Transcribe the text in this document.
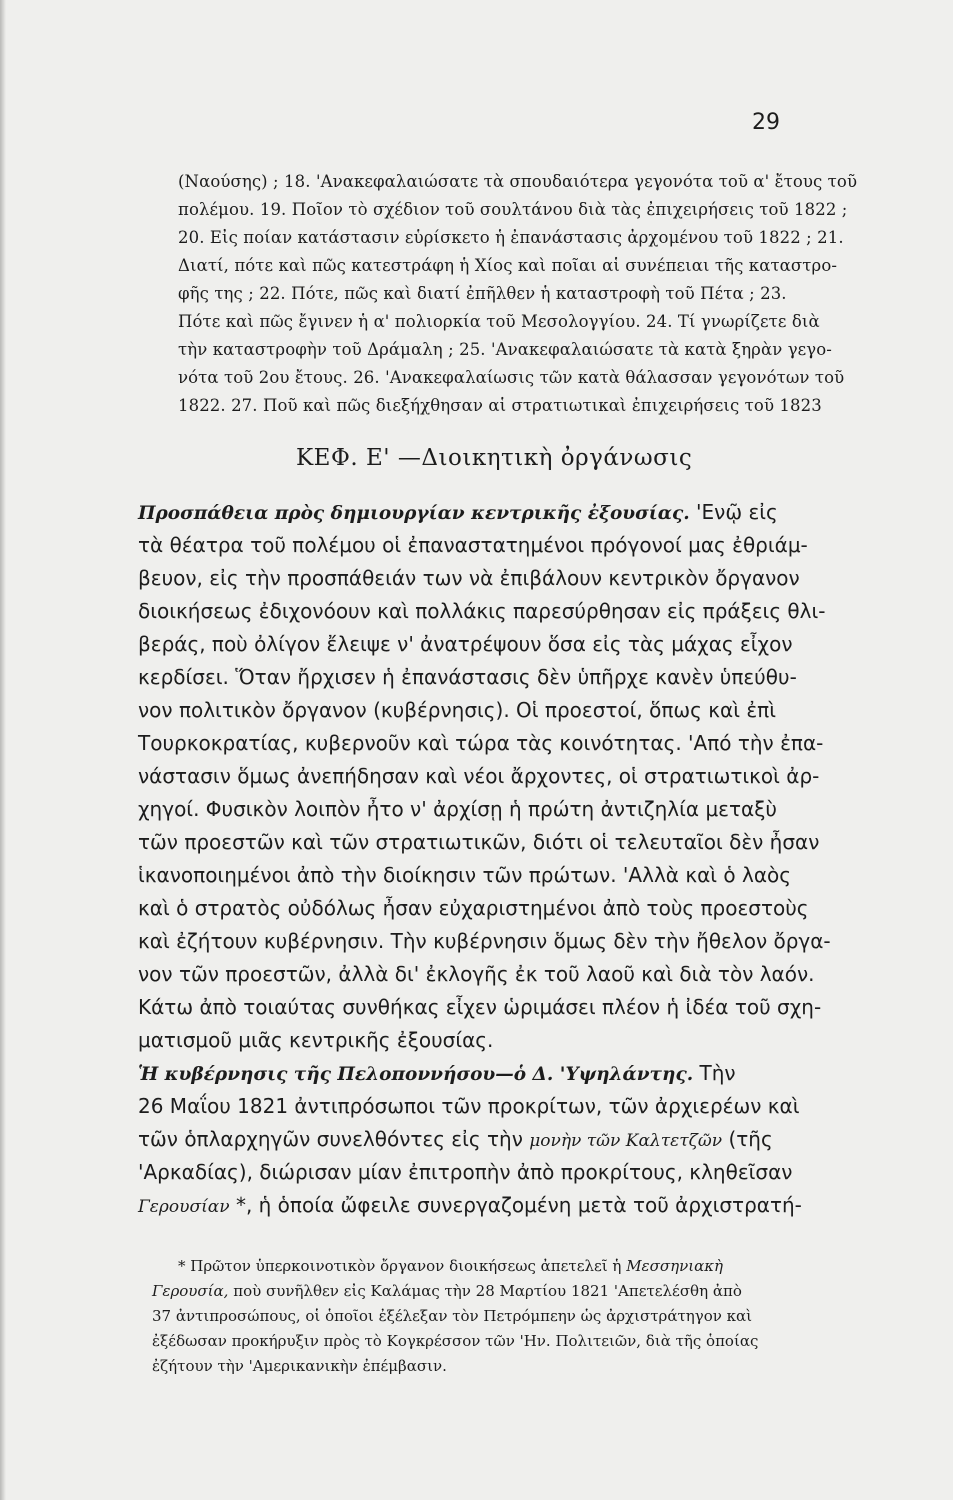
29
(Ναούσης) ; 18. 'Ανακεφαλαιώσατε τὰ σπουδαιότερα γεγονότα τοῦ α' ἔτους τοῦ
πολέμου. 19. Ποῖον τὸ σχέδιον τοῦ σουλτάνου διὰ τὰς ἐπιχειρήσεις τοῦ 1822 ;
20. Εἰς ποίαν κατάστασιν εὑρίσκετο ἡ ἐπανάστασις ἀρχομένου τοῦ 1822 ; 21.
Διατί, πότε καὶ πῶς κατεστράφη ἡ Χίος καὶ ποῖαι αἱ συνέπειαι τῆς καταστρο-
φῆς της ; 22. Πότε, πῶς καὶ διατί ἐπῆλθεν ἡ καταστροφὴ τοῦ Πέτα ; 23.
Πότε καὶ πῶς ἔγινεν ἡ α' πολιορκία τοῦ Μεσολογγίου. 24. Τί γνωρίζετε διὰ
τὴν καταστροφὴν τοῦ Δράμαλη ; 25. 'Ανακεφαλαιώσατε τὰ κατὰ ξηρὰν γεγο-
νότα τοῦ 2ου ἔτους. 26. 'Ανακεφαλαίωσις τῶν κατὰ θάλασσαν γεγονότων τοῦ
1822. 27. Ποῦ καὶ πῶς διεξήχθησαν αἱ στρατιωτικαὶ ἐπιχειρήσεις τοῦ 1823
ΚΕΦ. Ε' —Διοικητικὴ ὀργάνωσις
Προσπάθεια πρὸς δημιουργίαν κεντρικῆς ἐξουσίας. 'Ενῷ εἰς
τὰ θέατρα τοῦ πολέμου οἱ ἐπαναστατημένοι πρόγονοί μας ἐθριάμ-
βευον, εἰς τὴν προσπάθειάν των νὰ ἐπιβάλουν κεντρικὸν ὄργανον
διοικήσεως ἐδιχονόουν καὶ πολλάκις παρεσύρθησαν εἰς πράξεις θλι-
βεράς, ποὺ ὀλίγον ἔλειψε ν' ἀνατρέψουν ὅσα εἰς τὰς μάχας εἶχον
κερδίσει. Ὅταν ἤρχισεν ἡ ἐπανάστασις δὲν ὑπῆρχε κανὲν ὑπεύθυ-
νον πολιτικὸν ὄργανον (κυβέρνησις). Οἱ προεστοί, ὅπως καὶ ἐπὶ
Τουρκοκρατίας, κυβερνοῦν καὶ τώρα τὰς κοινότητας. 'Από τὴν ἐπα-
νάστασιν ὅμως ἀνεπήδησαν καὶ νέοι ἄρχοντες, οἱ στρατιωτικοὶ ἀρ-
χηγοί. Φυσικὸν λοιπὸν ἦτο ν' ἀρχίσῃ ἡ πρώτη ἀντιζηλία μεταξὺ
τῶν προεστῶν καὶ τῶν στρατιωτικῶν, διότι οἱ τελευταῖοι δὲν ἦσαν
ἱκανοποιημένοι ἀπὸ τὴν διοίκησιν τῶν πρώτων. 'Αλλὰ καὶ ὁ λαὸς
καὶ ὁ στρατὸς οὐδόλως ἦσαν εὐχαριστημένοι ἀπὸ τοὺς προεστοὺς
καὶ ἐζήτουν κυβέρνησιν. Τὴν κυβέρνησιν ὅμως δὲν τὴν ἤθελον ὄργα-
νον τῶν προεστῶν, ἀλλὰ δι' ἐκλογῆς ἐκ τοῦ λαοῦ καὶ διὰ τὸν λαόν.
Κάτω ἀπὸ τοιαύτας συνθήκας εἶχεν ὡριμάσει πλέον ἡ ἰδέα τοῦ σχη-
ματισμοῦ μιᾶς κεντρικῆς ἐξουσίας.
Ἡ κυβέρνησις τῆς Πελοποννήσου—ὁ Δ. 'Υψηλάντης. Τὴν
26 Μαΐου 1821 ἀντιπρόσωποι τῶν προκρίτων, τῶν ἀρχιερέων καὶ
τῶν ὁπλαρχηγῶν συνελθόντες εἰς τὴν μονὴν τῶν Καλτετζῶν (τῆς
'Αρκαδίας), διώρισαν μίαν ἐπιτροπὴν ἀπὸ προκρίτους, κληθεῖσαν
Γερουσίαν *, ἡ ὁποία ὤφειλε συνεργαζομένη μετὰ τοῦ ἀρχιστρατή-
* Πρῶτον ὑπερκοινοτικὸν ὄργανον διοικήσεως ἀπετελεῖ ἡ Μεσσηνιακὴ
Γερουσία, ποὺ συνῆλθεν εἰς Καλάμας τὴν 28 Μαρτίου 1821 'Απετελέσθη ἀπὸ
37 ἀντιπροσώπους, οἱ ὁποῖοι ἐξέλεξαν τὸν Πετρόμπεην ὡς ἀρχιστράτηγον καὶ
ἐξέδωσαν προκήρυξιν πρὸς τὸ Κογκρέσσον τῶν 'Ην. Πολιτειῶν, διὰ τῆς ὁποίας
ἐζήτουν τὴν 'Αμερικανικὴν ἐπέμβασιν.
